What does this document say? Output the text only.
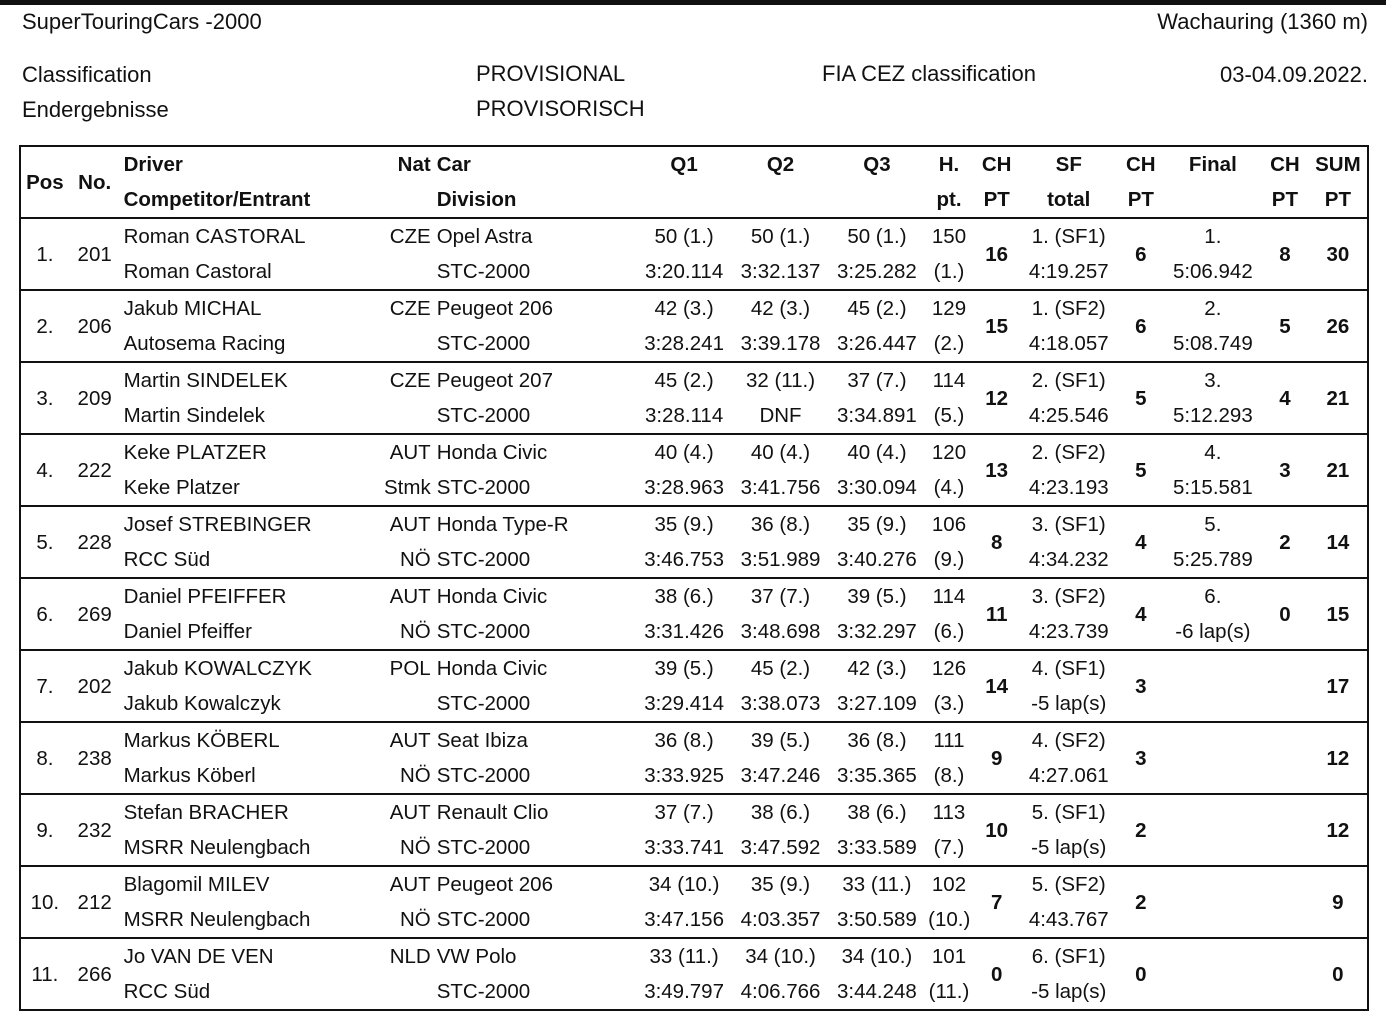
SuperTouringCars -2000	Wachauring (1360 m)
Classification
Endergebnisse
PROVISIONAL
PROVISORISCH
FIA CEZ classification	03-04.09.2022.
Pos	No.	Driver	Nat	Car	Q1	Q2	Q3	H.	CH	SF	CH	Final	CH	SUM
		Competitor/Entrant		Division				pt.	PT	total	PT		PT	PT
1.	201	Roman CASTORAL	CZE	Opel Astra	50 (1.)	50 (1.)	50 (1.)	150	16	1. (SF1)	6	1.	8	30
		Roman Castoral		STC-2000	3:20.114	3:32.137	3:25.282	(1.)		4:19.257		5:06.942		
2.	206	Jakub MICHAL	CZE	Peugeot 206	42 (3.)	42 (3.)	45 (2.)	129	15	1. (SF2)	6	2.	5	26
		Autosema Racing		STC-2000	3:28.241	3:39.178	3:26.447	(2.)		4:18.057		5:08.749		
3.	209	Martin SINDELEK	CZE	Peugeot 207	45 (2.)	32 (11.)	37 (7.)	114	12	2. (SF1)	5	3.	4	21
		Martin Sindelek		STC-2000	3:28.114	DNF	3:34.891	(5.)		4:25.546		5:12.293		
4.	222	Keke PLATZER	AUT	Honda Civic	40 (4.)	40 (4.)	40 (4.)	120	13	2. (SF2)	5	4.	3	21
		Keke Platzer	Stmk	STC-2000	3:28.963	3:41.756	3:30.094	(4.)		4:23.193		5:15.581		
5.	228	Josef STREBINGER	AUT	Honda Type-R	35 (9.)	36 (8.)	35 (9.)	106	8	3. (SF1)	4	5.	2	14
		RCC Süd	NÖ	STC-2000	3:46.753	3:51.989	3:40.276	(9.)		4:34.232		5:25.789		
6.	269	Daniel PFEIFFER	AUT	Honda Civic	38 (6.)	37 (7.)	39 (5.)	114	11	3. (SF2)	4	6.	0	15
		Daniel Pfeiffer	NÖ	STC-2000	3:31.426	3:48.698	3:32.297	(6.)		4:23.739		-6 lap(s)		
7.	202	Jakub KOWALCZYK	POL	Honda Civic	39 (5.)	45 (2.)	42 (3.)	126	14	4. (SF1)	3			17
		Jakub Kowalczyk		STC-2000	3:29.414	3:38.073	3:27.109	(3.)		-5 lap(s)				
8.	238	Markus KÖBERL	AUT	Seat Ibiza	36 (8.)	39 (5.)	36 (8.)	111	9	4. (SF2)	3			12
		Markus Köberl	NÖ	STC-2000	3:33.925	3:47.246	3:35.365	(8.)		4:27.061				
9.	232	Stefan BRACHER	AUT	Renault Clio	37 (7.)	38 (6.)	38 (6.)	113	10	5. (SF1)	2			12
		MSRR Neulengbach	NÖ	STC-2000	3:33.741	3:47.592	3:33.589	(7.)		-5 lap(s)				
10.	212	Blagomil MILEV	AUT	Peugeot 206	34 (10.)	35 (9.)	33 (11.)	102	7	5. (SF2)	2			9
		MSRR Neulengbach	NÖ	STC-2000	3:47.156	4:03.357	3:50.589	(10.)		4:43.767				
11.	266	Jo VAN DE VEN	NLD	VW Polo	33 (11.)	34 (10.)	34 (10.)	101	0	6. (SF1)	0			0
		RCC Süd		STC-2000	3:49.797	4:06.766	3:44.248	(11.)		-5 lap(s)				
